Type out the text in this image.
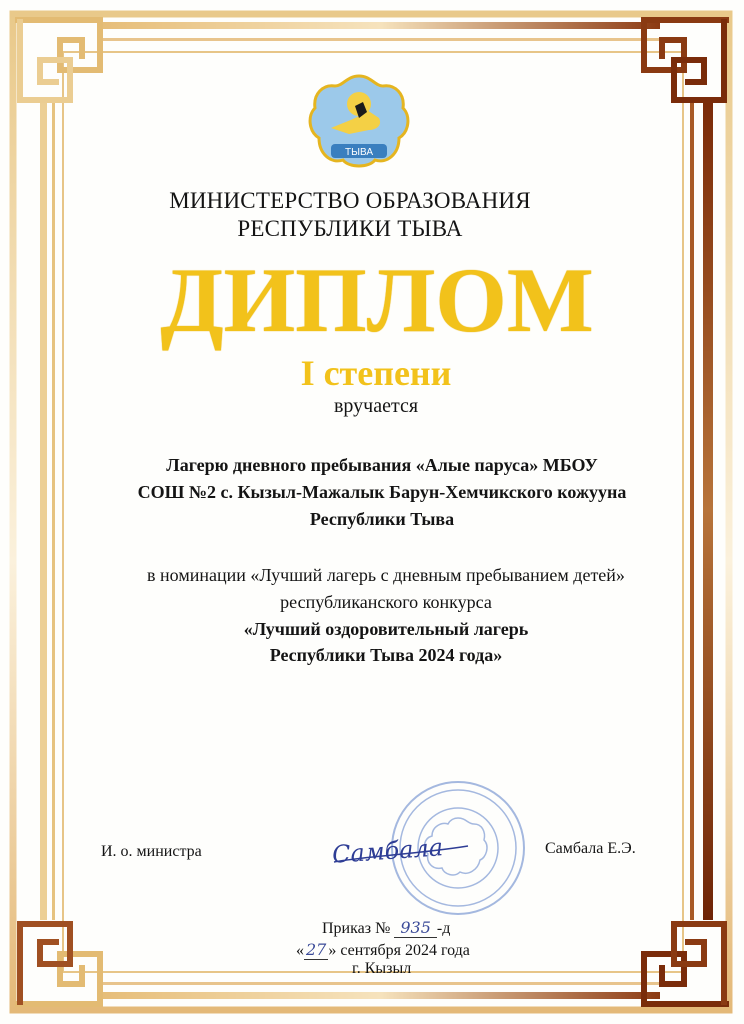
ТЫВА
МИНИСТЕРСТВО ОБРАЗОВАНИЯ
РЕСПУБЛИКИ ТЫВА
ДИПЛОМ
I степени
вручается
Лагерю дневного пребывания «Алые паруса» МБОУ
СОШ №2 с. Кызыл-Мажалык Барун-Хемчикского кожууна
Республики Тыва
в номинации «Лучший лагерь с дневным пребыванием детей»
республиканского конкурса
«Лучший оздоровительный лагерь
Республики Тыва 2024 года»
И. о. министра	Самбала	Самбала Е.Э.
Приказ № 935 -д
« 27 » сентября 2024 года
г. Кызыл
